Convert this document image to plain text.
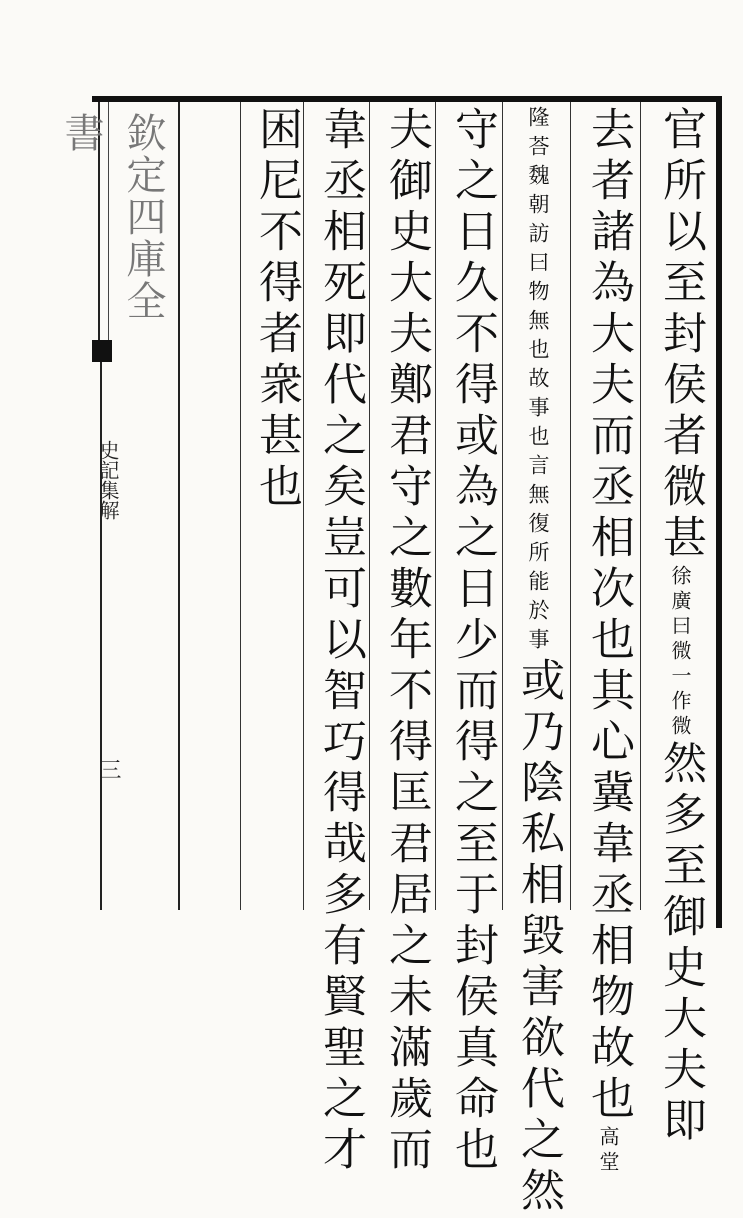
欽定四庫全書
史記集解
三
官所以至封侯者微甚徐廣曰微一作微然多至御史大夫即
去者諸為大夫而丞相次也其心冀韋丞相物故也高堂
隆荅魏朝訪曰物無也故事也言無復所能於事或乃陰私相毀害欲代之然
守之日久不得或為之日少而得之至于封侯真命也
夫御史大夫鄭君守之數年不得匡君居之未滿歲而
韋丞相死即代之矣豈可以智巧得哉多有賢聖之才
困尼不得者衆甚也
